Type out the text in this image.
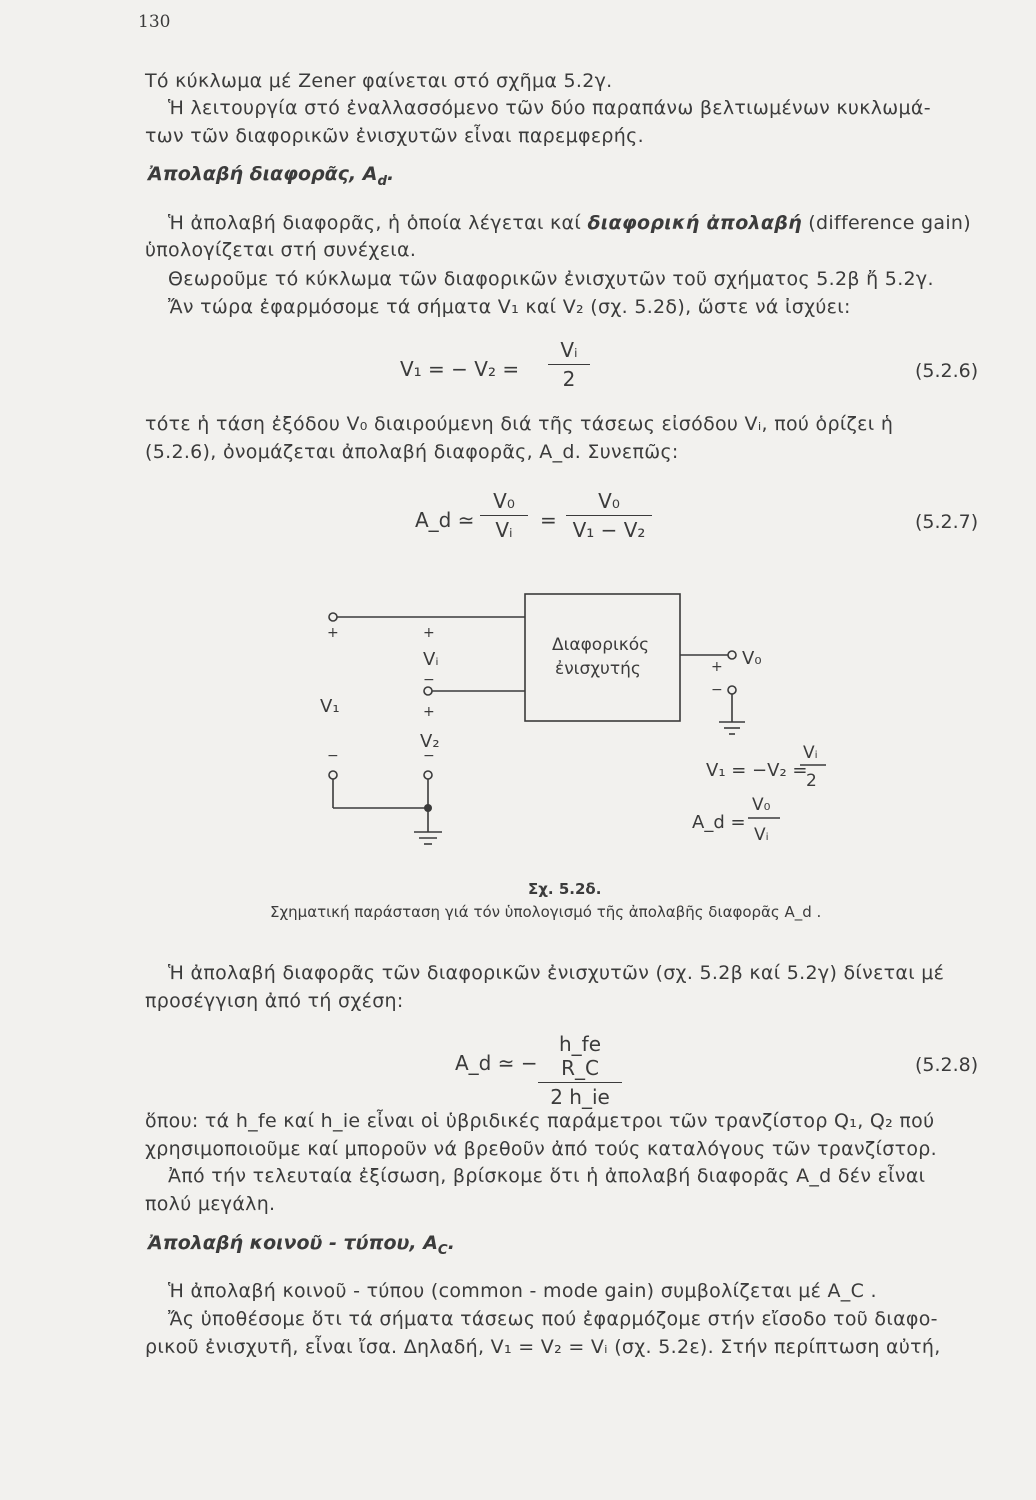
130
Τό κύκλωμα μέ Zener φαίνεται στό σχῆμα 5.2γ.
Ἡ λειτουργία στό ἐναλλασσόμενο τῶν δύο παραπάνω βελτιωμένων κυκλωμά-
των τῶν διαφορικῶν ἐνισχυτῶν εἶναι παρεμφερής.
Ἀπολαβή διαφορᾶς, $A_d$.
Ἡ ἀπολαβή διαφορᾶς, ἡ ὁποία λέγεται καί διαφορική ἀπολαβή (difference gain)
ὑπολογίζεται στή συνέχεια.
Θεωροῦμε τό κύκλωμα τῶν διαφορικῶν ἐνισχυτῶν τοῦ σχήματος 5.2β ἤ 5.2γ.
Ἄν τώρα ἐφαρμόσομε τά σήματα V₁ καί V₂ (σχ. 5.2δ), ὥστε νά ἰσχύει:
V₁ = − V₂ =
Vᵢ
2	(5.2.6)
τότε ἡ τάση ἐξόδου V₀ διαιρούμενη διά τῆς τάσεως εἰσόδου Vᵢ, πού ὁρίζει ἡ
(5.2.6), ὀνομάζεται ἀπολαβή διαφορᾶς, A_d. Συνεπῶς:
A_d ≃
V₀
Vᵢ	=
V₀
V₁ − V₂	(5.2.7)
Διαφορικός
ἐνισχυτής
+	+
Vᵢ
−
+
V₁
V₂
−	−
+ V₀
−
V₁ = −V₂ =
Vᵢ
2
A_d =
V₀
Vᵢ
Σχ. 5.2δ.
Σχηματική παράσταση γιά τόν ὑπολογισμό τῆς ἀπολαβῆς διαφορᾶς A_d .
Ἡ ἀπολαβή διαφορᾶς τῶν διαφορικῶν ἐνισχυτῶν (σχ. 5.2β καί 5.2γ) δίνεται μέ
προσέγγιση ἀπό τή σχέση:
A_d ≃ −
h_fe R_C
2 h_ie
(5.2.8)
ὅπου: τά h_fe καί h_ie εἶναι οἱ ὑβριδικές παράμετροι τῶν τρανζίστορ Q₁, Q₂ πού
χρησιμοποιοῦμε καί μποροῦν νά βρεθοῦν ἀπό τούς καταλόγους τῶν τρανζίστορ.
Ἀπό τήν τελευταία ἐξίσωση, βρίσκομε ὅτι ἡ ἀπολαβή διαφορᾶς A_d δέν εἶναι
πολύ μεγάλη.
Ἀπολαβή κοινοῦ - τύπου, $A_C$.
Ἡ ἀπολαβή κοινοῦ - τύπου (common - mode gain) συμβολίζεται μέ A_C .
Ἄς ὑποθέσομε ὅτι τά σήματα τάσεως πού ἐφαρμόζομε στήν εἴσοδο τοῦ διαφο-
ρικοῦ ἐνισχυτῆ, εἶναι ἴσα. Δηλαδή, V₁ = V₂ = Vᵢ (σχ. 5.2ε). Στήν περίπτωση αὐτή,
